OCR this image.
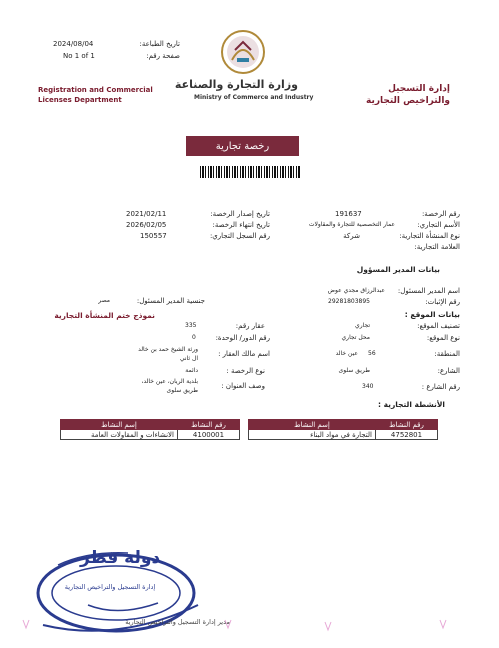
2024/08/04	تاريخ الطباعة:
No 1 of 1	صفحة رقم:
Registration and Commercial
Licenses Department
وزارة التجارة والصناعة
Ministry of Commerce and Industry
إدارة التسجيل
والتراخيص التجارية
رخصة تجارية
رقم الرخصة:
191637
الأسم التجاري:
عمار التخصصية للتجارة والمقاولات
نوع المنشأة التجارية:
شركة
العلامة التجارية:
2021/02/11	تاريخ إصدار الرخصة:
2026/02/05	تاريخ انتهاء الرخصة:
150557	رقم السجل التجاري:
بيانات المدير المسؤول
اسم المدير المسئول:
عبدالرزاق مجدي عوض
رقم الإثبات:
29281803895
جنسية المدير المسئول:
مصر
بيانات الموقع :
نموذج ختم المنشأة التجارية
تصنيف الموقع:
تجاري
نوع الموقع:
محل تجاري
المنطقة:
عين خالد 56
الشارع:
طريق سلوى
رقم الشارع :
340
عقار رقم:
335
رقم الدور/ الوحدة:
0
اسم مالك العقار :
ورثة الشيخ حمد بن خالد
ال ثاني
نوع الرخصة :
دائمة
وصف العنوان :
بلدية الريان، عين خالد،
طريق سلوى
الأنشطة التجارية :
إسم النشاط	رقم النشاط
التجارة في مواد البناء	4752801
إسم النشاط	رقم النشاط
الانشاءات و المقاولات العامة	4100001
دولة قطر
إدارة التسجيل والتراخيص التجارية
مدير إدارة التسجيل والتراخيص التجارية
